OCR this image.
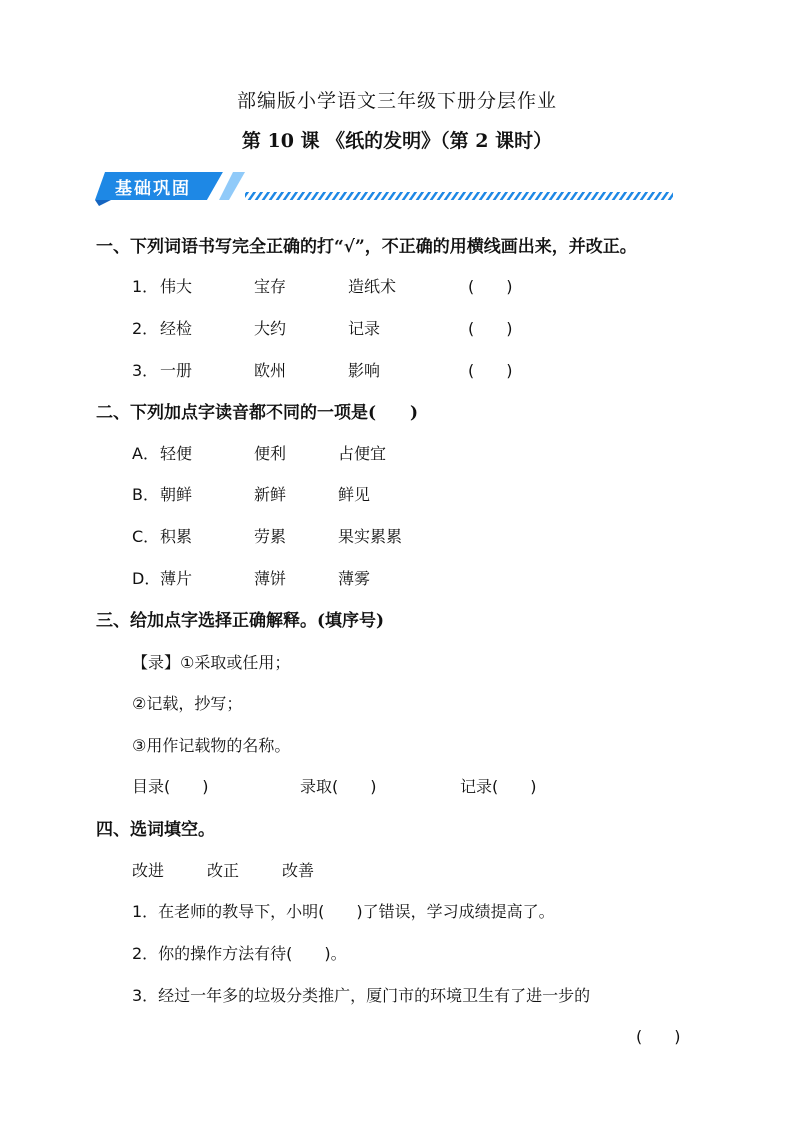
部编版小学语文三年级下册分层作业
第 10 课 《纸的发明》（第 2 课时）
基础巩固
一、下列词语书写完全正确的打“√”，不正确的用横线画出来，并改正。
1． 伟大	宝存	造纸术	(　　)
2． 经检	大约	记录	(　　)
3． 一册	欧州	影响	(　　)
二、下列加点字读音都不同的一项是(　　)
A． 轻便	便利	占便宜
B． 朝鲜	新鲜	鲜见
C． 积累	劳累	果实累累
D． 薄片	薄饼	薄雾
三、给加点字选择正确解释。(填序号)
【录】①采取或任用；
②记载，抄写；
③用作记载物的名称。
目录(　　)	录取(　　)	记录(　　)
四、选词填空。
改进	改正	改善
1．在老师的教导下，小明(　　)了错误，学习成绩提高了。
2．你的操作方法有待(　　)。
3．经过一年多的垃圾分类推广，厦门市的环境卫生有了进一步的
(　　)
